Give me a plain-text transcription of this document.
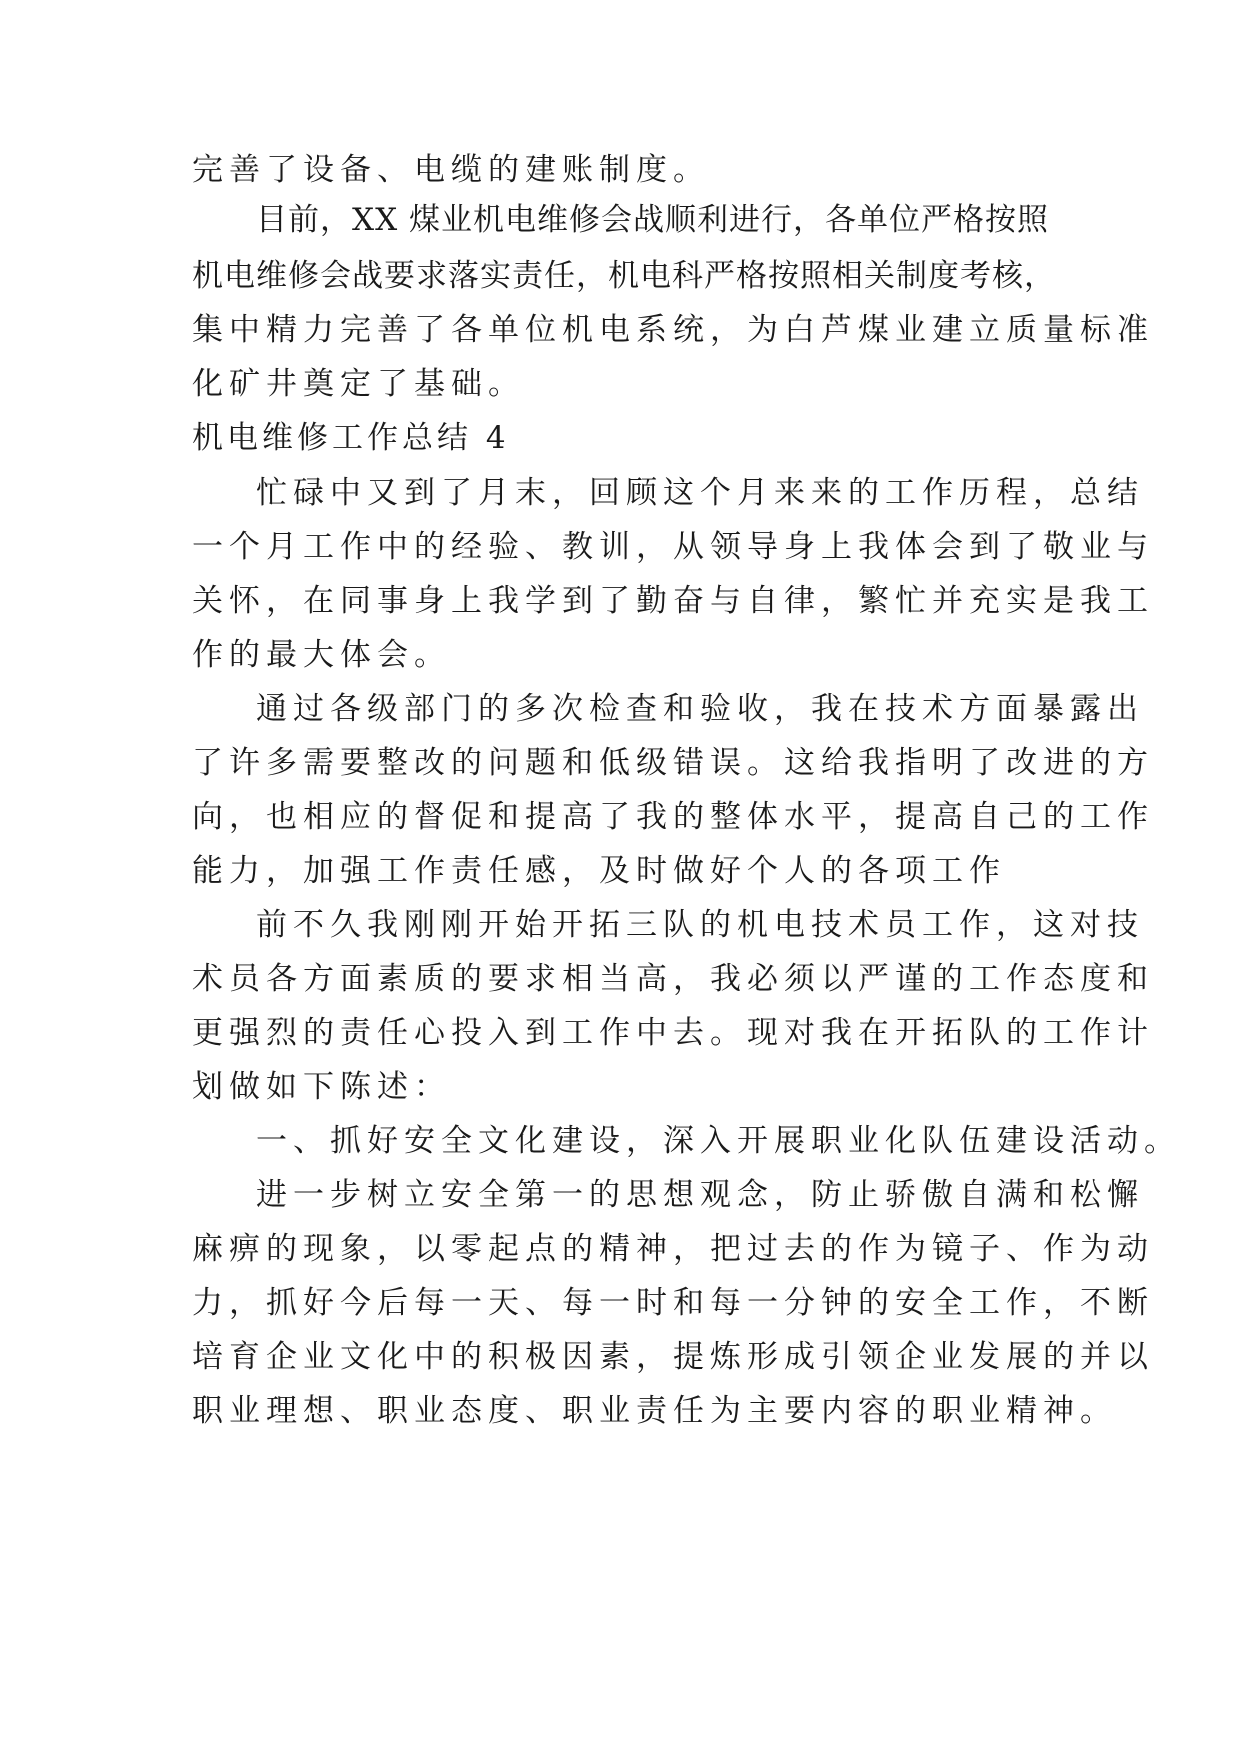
完善了设备、电缆的建账制度。
目前，XX 煤业机电维修会战顺利进行，各单位严格按照
机电维修会战要求落实责任，机电科严格按照相关制度考核，
集中精力完善了各单位机电系统，为白芦煤业建立质量标准
化矿井奠定了基础。
机电维修工作总结 4
忙碌中又到了月末，回顾这个月来来的工作历程，总结
一个月工作中的经验、教训，从领导身上我体会到了敬业与
关怀，在同事身上我学到了勤奋与自律，繁忙并充实是我工
作的最大体会。
通过各级部门的多次检查和验收，我在技术方面暴露出
了许多需要整改的问题和低级错误。这给我指明了改进的方
向，也相应的督促和提高了我的整体水平，提高自己的工作
能力，加强工作责任感，及时做好个人的各项工作
前不久我刚刚开始开拓三队的机电技术员工作，这对技
术员各方面素质的要求相当高，我必须以严谨的工作态度和
更强烈的责任心投入到工作中去。现对我在开拓队的工作计
划做如下陈述：
一、抓好安全文化建设，深入开展职业化队伍建设活动。
进一步树立安全第一的思想观念，防止骄傲自满和松懈
麻痹的现象，以零起点的精神，把过去的作为镜子、作为动
力，抓好今后每一天、每一时和每一分钟的安全工作，不断
培育企业文化中的积极因素，提炼形成引领企业发展的并以
职业理想、职业态度、职业责任为主要内容的职业精神。
